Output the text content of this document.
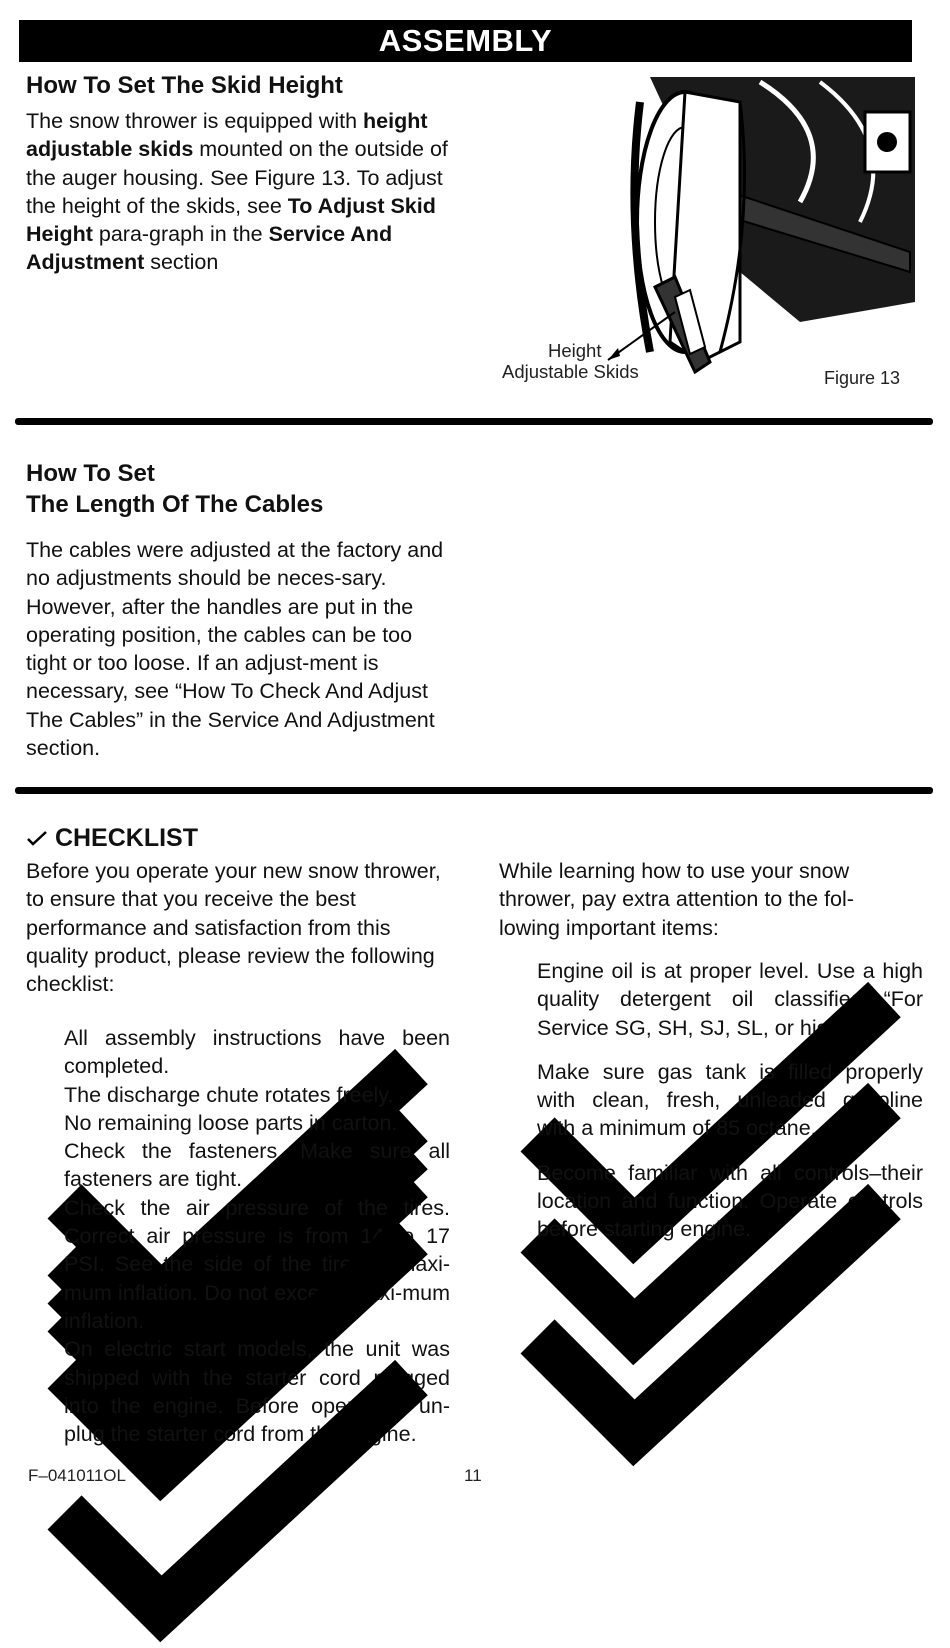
ASSEMBLY
How To Set The Skid Height
The snow thrower is equipped with height adjustable skids mounted on the outside of the auger housing. See Figure 13. To adjust the height of the skids, see To Adjust Skid Height para-graph in the Service And Adjustment section
Height
Adjustable Skids	Figure 13
How To Set
The Length Of The Cables
The cables were adjusted at the factory and no adjustments should be neces-sary. However, after the handles are put in the operating position, the cables can be too tight or too loose. If an adjust-ment is necessary, see “How To Check And Adjust The Cables” in the Service And Adjustment section.
CHECKLIST
Before you operate your new snow thrower, to ensure that you receive the best performance and satisfaction from this quality product, please review the following checklist:
All assembly instructions have been completed.
The discharge chute rotates freely.
No remaining loose parts in carton.
Check the fasteners. Make sure all fasteners are tight.
Check the air pressure of the tires. Correct air pressure is from 14 to 17 PSI. See the side of the tire for maxi-mum inflation. Do not exceed maxi-mum inflation.
On electric start models, the unit was shipped with the starter cord plugged into the engine. Before operating, un-plug the starter cord from the engine.
While learning how to use your snow thrower, pay extra attention to the fol-lowing important items:
Engine oil is at proper level. Use a high quality detergent oil classified “For Service SG, SH, SJ, SL, or higher”.
Make sure gas tank is filled properly with clean, fresh, unleaded gasoline with a minimum of 85 octane.
Become familiar with all controls–their location and function. Operate controls before starting engine.
F–041011OL	11
